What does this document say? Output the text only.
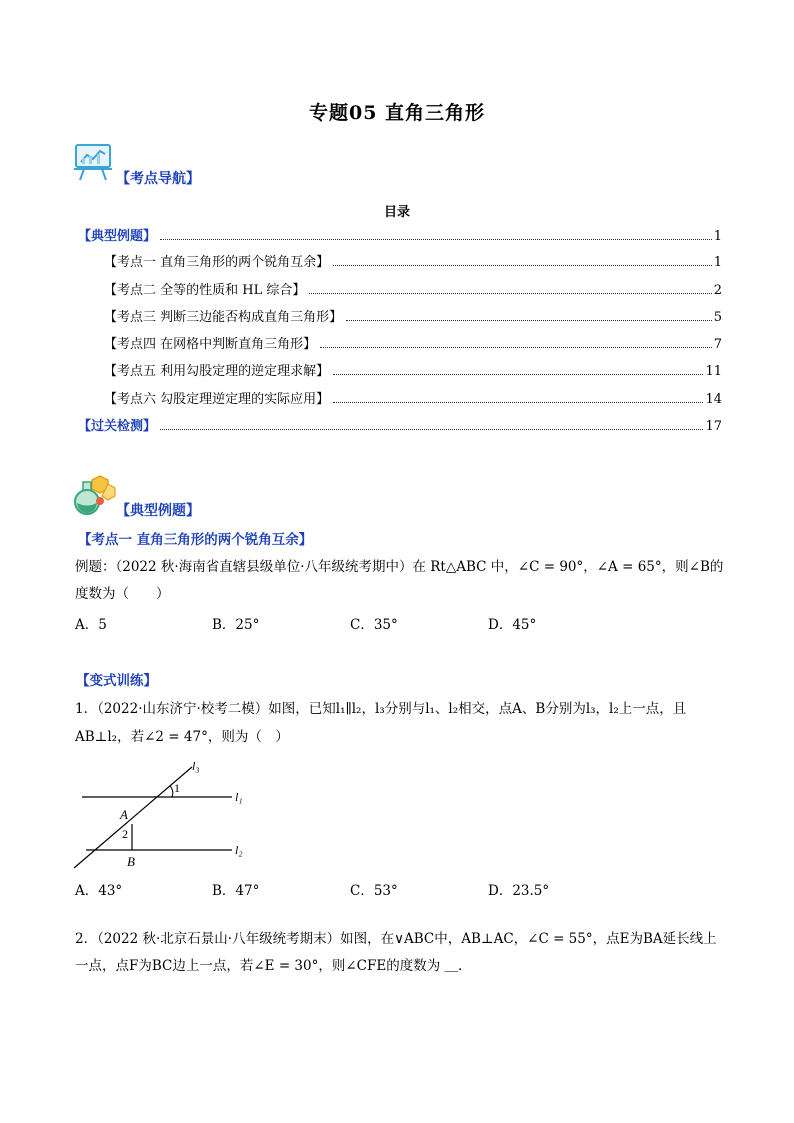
专题05 直角三角形
【考点导航】
目录
【典型例题】	1
【考点一 直角三角形的两个锐角互余】	1
【考点二 全等的性质和 HL 综合】	2
【考点三 判断三边能否构成直角三角形】	5
【考点四 在网格中判断直角三角形】	7
【考点五 利用勾股定理的逆定理求解】	11
【考点六 勾股定理逆定理的实际应用】	14
【过关检测】	17
【典型例题】
【考点一 直角三角形的两个锐角互余】
例题：（2022 秋·海南省直辖县级单位·八年级统考期中）在 Rt△ABC 中，∠C = 90°，∠A = 65°，则∠B的
度数为（　　）
A．5	B．25°	C．35°	D．45°
【变式训练】
1．（2022·山东济宁·校考二模）如图，已知l₁∥l₂，l₃分别与l₁、l₂相交，点A、B分别为l₃，l₂上一点，且
AB⊥l₂，若∠2 = 47°，则为（　）
l₃
l₁
l₂
1
2
A
B
A．43°	B．47°	C．53°	D．23.5°
2．（2022 秋·北京石景山·八年级统考期末）如图，在∨ABC中，AB⊥AC，∠C = 55°，点E为BA延长线上
一点，点F为BC边上一点，若∠E = 30°，则∠CFE的度数为 ＿.
